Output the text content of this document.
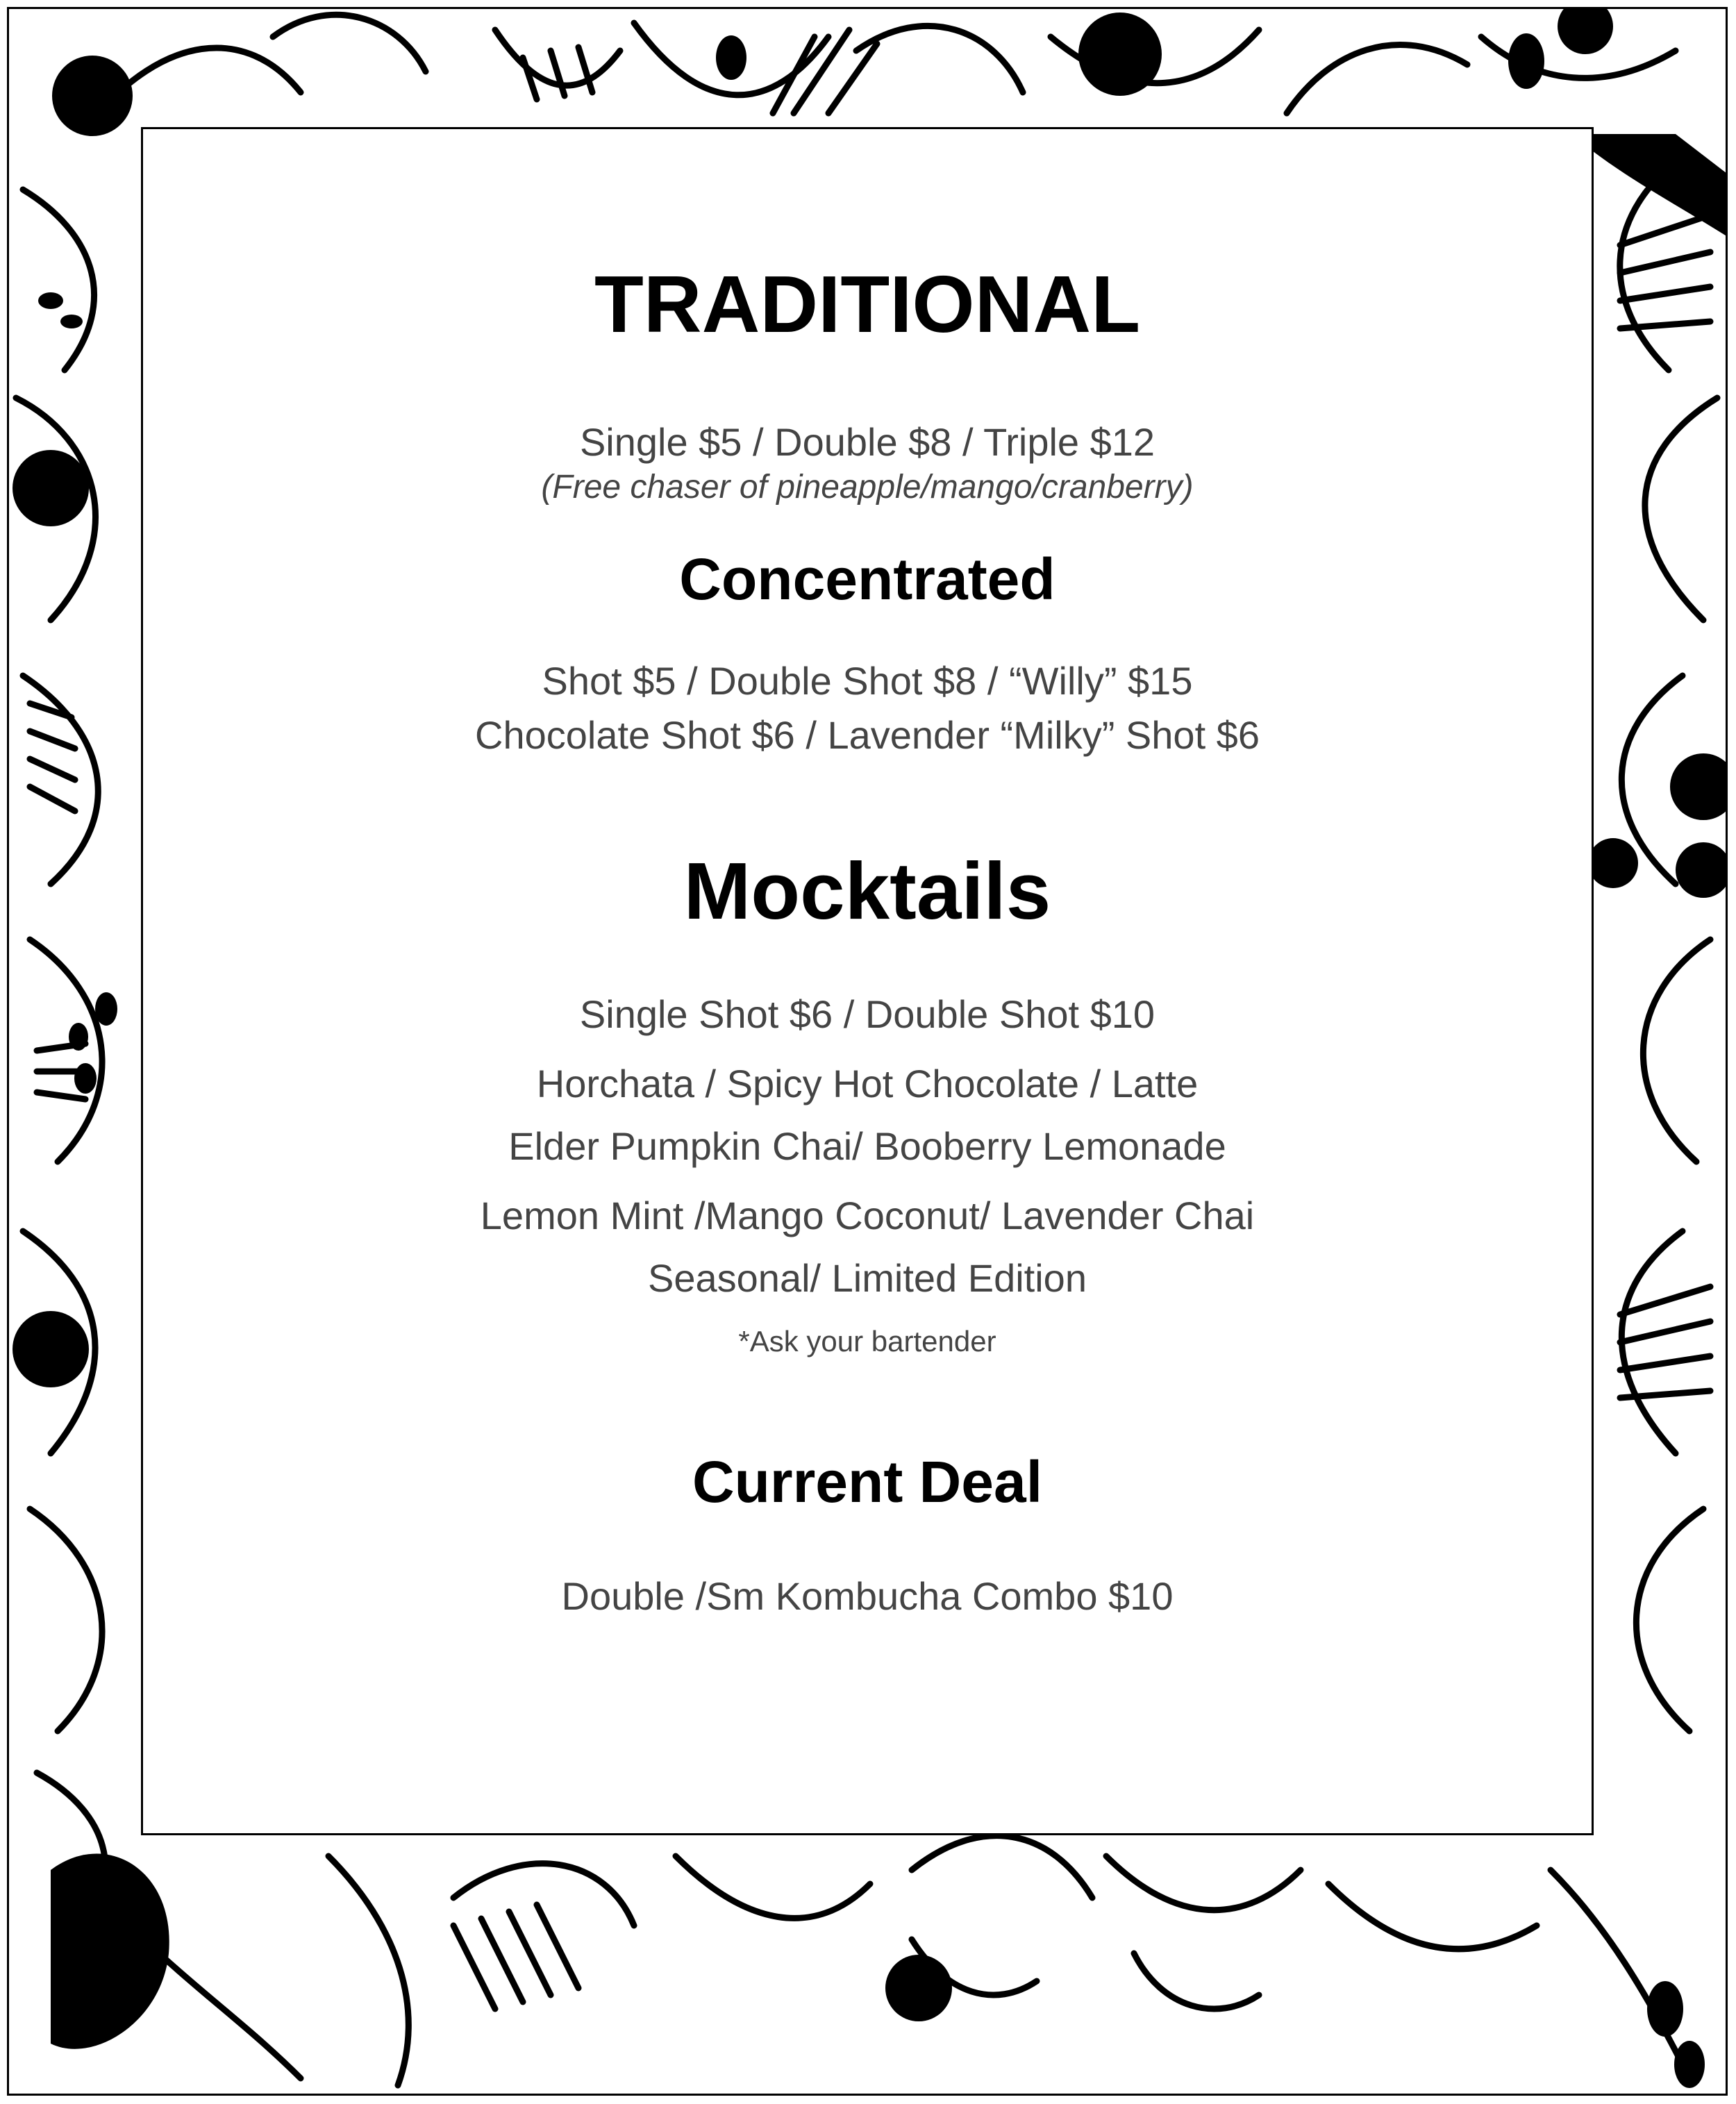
TRADITIONAL
Single $5 / Double $8 / Triple $12
(Free chaser of pineapple/mango/cranberry)
Concentrated
Shot $5 / Double Shot $8 / “Willy” $15
Chocolate Shot $6 / Lavender “Milky” Shot $6
Mocktails
Single Shot $6 / Double Shot $10
Horchata / Spicy Hot Chocolate / Latte
Elder Pumpkin Chai/ Booberry Lemonade
Lemon Mint /Mango Coconut/ Lavender Chai
Seasonal/ Limited Edition
*Ask your bartender
Current Deal
Double /Sm Kombucha Combo $10
